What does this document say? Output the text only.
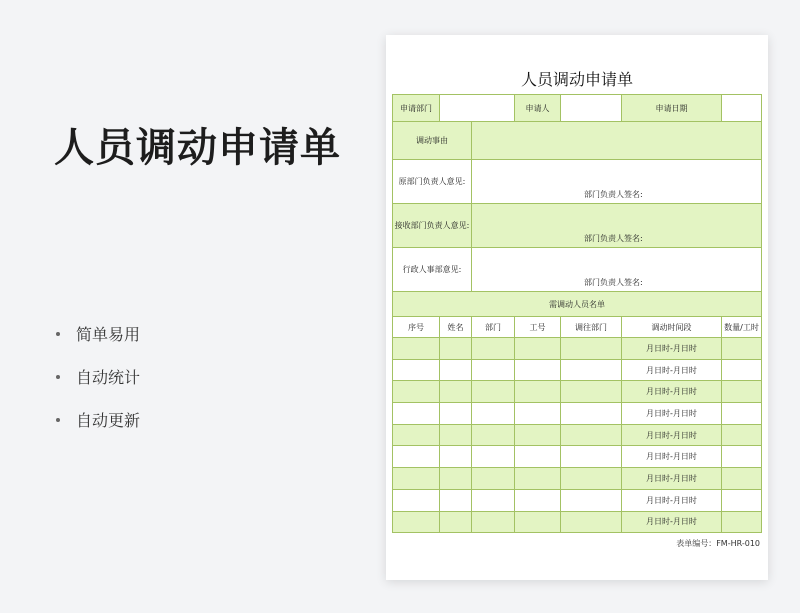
人员调动申请单
简单易用
自动统计
自动更新
人员调动申请单
申请部门			申请人		申请日期	
调动事由						
原部门负责人意见:		部门负责人签名:				

接收部门负责人意见:		部门负责人签名:				

行政人事部意见:		部门负责人签名:				

需调动人员名单						
序号	姓名	部门	工号	调往部门	调动时间段	数量/工时
					月日时-月日时	
					月日时-月日时	
					月日时-月日时	
					月日时-月日时	
					月日时-月日时	
					月日时-月日时	
					月日时-月日时	
					月日时-月日时	
					月日时-月日时	
表单编号：FM-HR-010
